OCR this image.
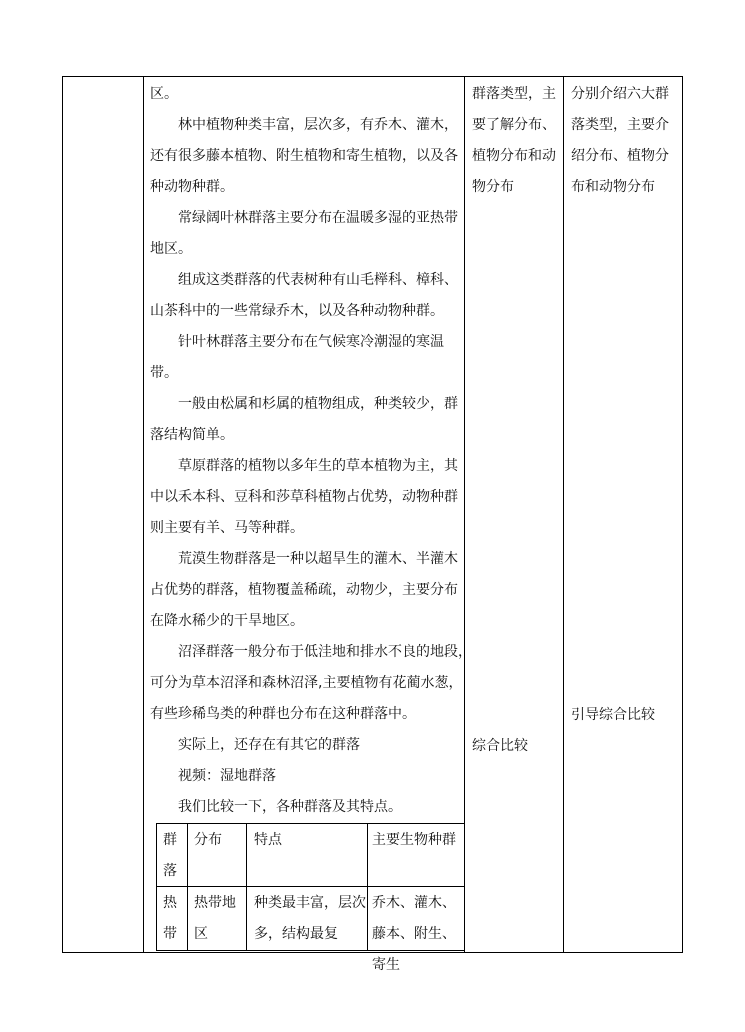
区。
林中植物种类丰富，层次多，有乔木、灌木，
还有很多藤本植物、附生植物和寄生植物，以及各
种动物种群。
常绿阔叶林群落主要分布在温暖多湿的亚热带
地区。
组成这类群落的代表树种有山毛榉科、樟科、
山茶科中的一些常绿乔木，以及各种动物种群。
针叶林群落主要分布在气候寒冷潮湿的寒温
带。
一般由松属和杉属的植物组成，种类较少，群
落结构简单。
草原群落的植物以多年生的草本植物为主，其
中以禾本科、豆科和莎草科植物占优势，动物种群
则主要有羊、马等种群。
荒漠生物群落是一种以超旱生的灌木、半灌木
占优势的群落，植物覆盖稀疏，动物少，主要分布
在降水稀少的干旱地区。
沼泽群落一般分布于低洼地和排水不良的地段，
可分为草本沼泽和森林沼泽,主要植物有花蔺水葱，
有些珍稀鸟类的种群也分布在这种群落中。
实际上，还存在有其它的群落
视频：湿地群落
我们比较一下，各种群落及其特点。
群落类型，主
要了解分布、
植物分布和动
物分布
综合比较
分别介绍六大群
落类型，主要介
绍分布、植物分
布和动物分布
引导综合比较
群落
分布	特点	主要生物种群
热带
热带地区
种类最丰富，层次多，结构最复
乔木、灌木、藤本、附生、寄生
